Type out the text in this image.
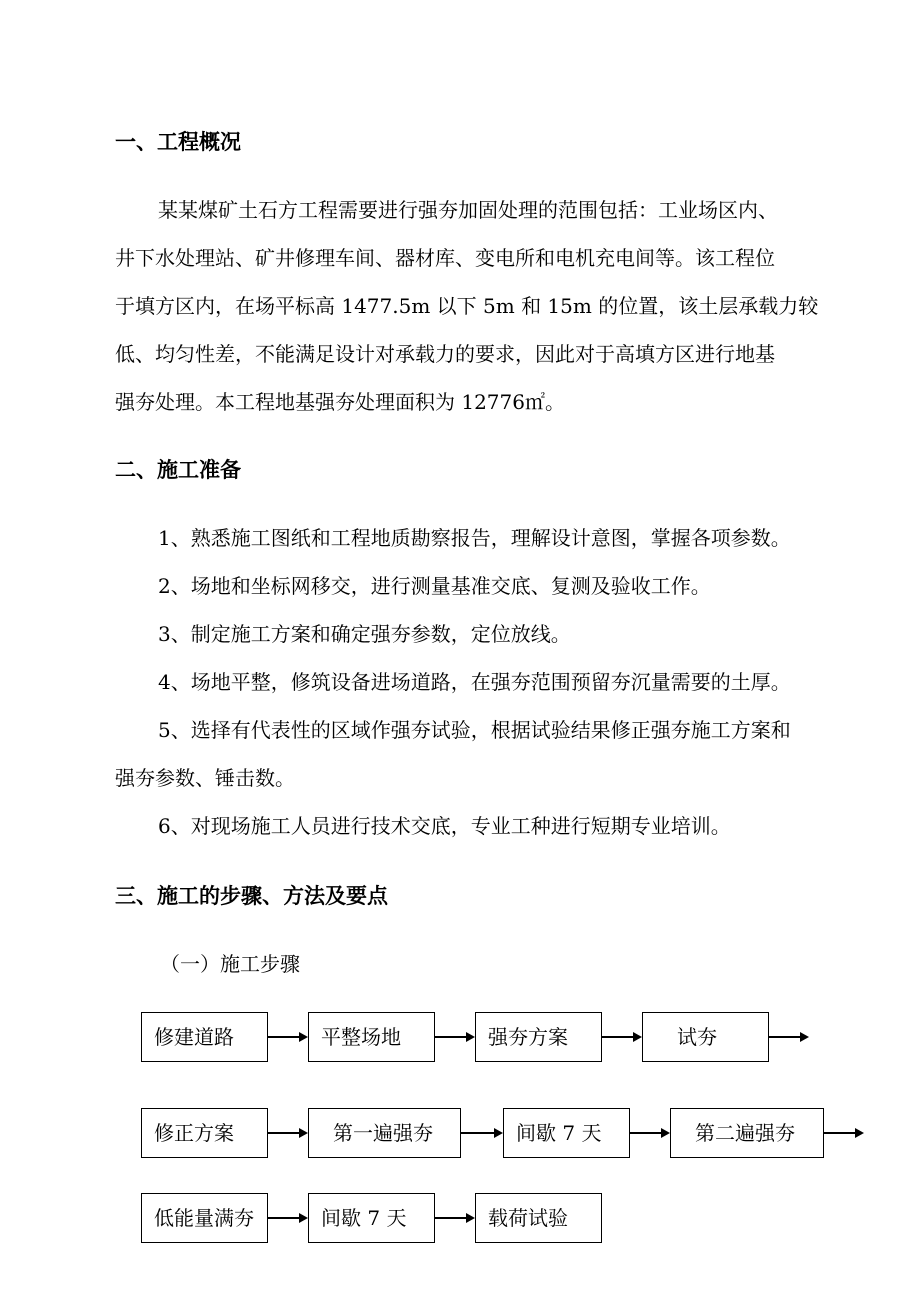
一、工程概况
某某煤矿土石方工程需要进行强夯加固处理的范围包括：工业场区内、
井下水处理站、矿井修理车间、器材库、变电所和电机充电间等。该工程位
于填方区内，在场平标高 1477.5m 以下 5m 和 15m 的位置，该土层承载力较
低、均匀性差，不能满足设计对承载力的要求，因此对于高填方区进行地基
强夯处理。本工程地基强夯处理面积为 12776㎡。
二、施工准备
1、熟悉施工图纸和工程地质勘察报告，理解设计意图，掌握各项参数。
2、场地和坐标网移交，进行测量基准交底、复测及验收工作。
3、制定施工方案和确定强夯参数，定位放线。
4、场地平整，修筑设备进场道路，在强夯范围预留夯沉量需要的土厚。
5、选择有代表性的区域作强夯试验，根据试验结果修正强夯施工方案和
强夯参数、锤击数。
6、对现场施工人员进行技术交底，专业工种进行短期专业培训。
三、施工的步骤、方法及要点
（一）施工步骤
修建道路	平整场地	强夯方案	试夯
修正方案	第一遍强夯	间歇 7 天	第二遍强夯
低能量满夯	间歇 7 天	载荷试验
